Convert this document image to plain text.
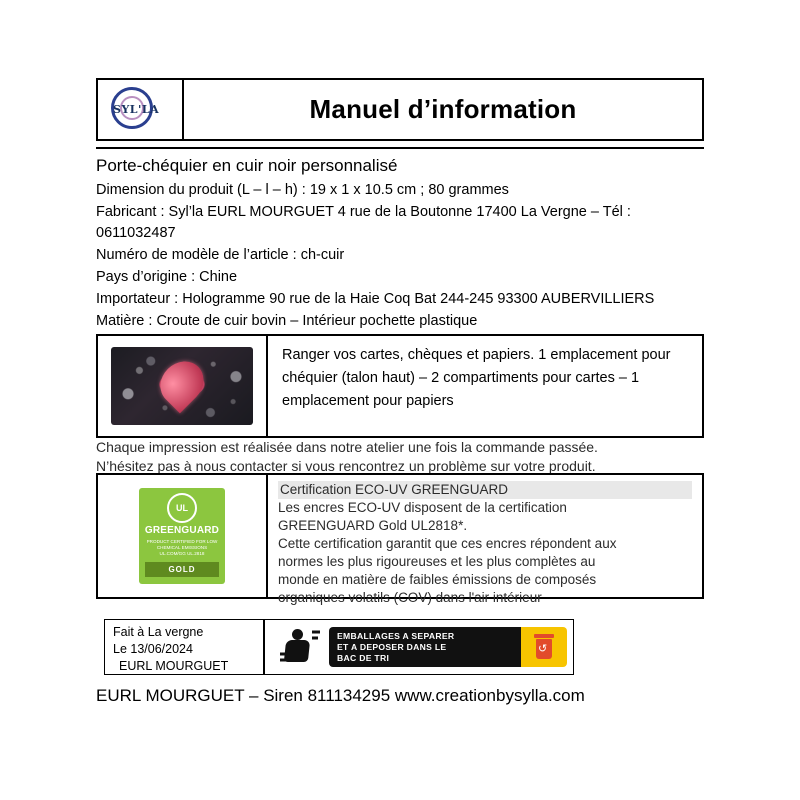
SYL'LA	Manuel d’information

Porte-chéquier en cuir noir personnalisé

Dimension du produit (L – l – h) : 19 x 1 x 10.5 cm ; 80 grammes

Fabricant : Syl’la EURL MOURGUET 4 rue de la Boutonne 17400 La Vergne – Tél : 0611032487

Numéro de modèle de l’article : ch-cuir

Pays d’origine : Chine

Importateur : Hologramme 90 rue de la Haie Coq Bat 244-245 93300 AUBERVILLIERS

Matière : Croute de cuir bovin – Intérieur pochette plastique

Ranger vos cartes, chèques et papiers. 1 emplacement pour chéquier (talon haut) – 2 compartiments pour cartes – 1 emplacement pour papiers
Chaque impression est réalisée dans notre atelier une fois la commande passée.
N’hésitez pas à nous contacter si vous rencontrez un problème sur votre produit.
UL
GREENGUARD
PRODUCT CERTIFIED FOR LOW CHEMICAL EMISSIONS UL.COM/GG UL.2818
GOLD
Certification ECO-UV GREENGUARD
Les encres ECO-UV disposent de la certification
GREENGUARD Gold UL2818*.
Cette certification garantit que ces encres répondent aux
normes les plus rigoureuses et les plus complètes au
monde en matière de faibles émissions de composés
organiques volatils (COV) dans l'air intérieur
Fait à La vergne
Le 13/06/2024
EURL MOURGUET
EMBALLAGES A SEPARER
ET A DEPOSER DANS LE
BAC DE TRI
↺
EURL MOURGUET – Siren 811134295 www.creationbysylla.com
